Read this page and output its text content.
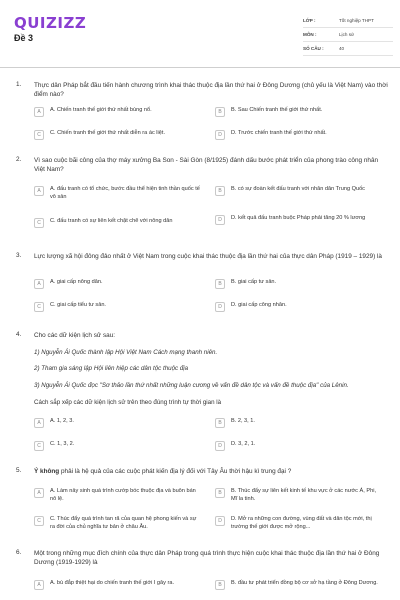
QUIZIZZ
Đề 3
LỚP :	Tốt nghiệp THPT
MÔN :	Lịch sử
SỐ CÂU :	40
1. Thực dân Pháp bắt đầu tiến hành chương trình khai thác thuộc địa lần thứ hai ở Đông Dương (chủ yếu là Việt Nam) vào thời điểm nào?
A	A. Chiến tranh thế giới thứ nhất bùng nổ.	B	B. Sau Chiến tranh thế giới thứ nhất.
C	C. Chiến tranh thế giới thứ nhất diễn ra ác liệt.	D	D. Trước chiến tranh thế giới thứ nhất.
2. Vì sao cuộc bãi công của thợ máy xưởng Ba Son - Sài Gòn (8/1925) đánh dấu bước phát triển của phong trào công nhân Việt Nam?
A	A. đấu tranh có tổ chức, bước đầu thể hiện tinh thần quốc tế vô sản
B	B. có sự đoàn kết đấu tranh với nhân dân Trung Quốc
C	C. đấu tranh có sự liên kết chặt chẽ với nông dân	D	D. kết quả đấu tranh buộc Pháp phải tăng 20 % lương
3. Lực lượng xã hội đông đảo nhất ở Việt Nam trong cuộc khai thác thuộc địa lần thứ hai của thực dân Pháp (1919 – 1929) là
A	A. giai cấp nông dân.	B	B. giai cấp tư sản.
C	C. giai cấp tiểu tư sản.	D	D. giai cấp công nhân.
4. Cho các dữ kiện lịch sử sau:
1) Nguyễn Ái Quốc thành lập Hội Việt Nam Cách mạng thanh niên.
2) Tham gia sáng lập Hội liên hiệp các dân tộc thuộc địa
3) Nguyễn Ái Quốc đọc "Sơ thảo lần thứ nhất những luận cương về vấn đề dân tộc và vấn đề thuộc địa" của Lênin.
Cách sắp xếp các dữ kiện lịch sử trên theo đúng trình tự thời gian là
A	A. 1, 2, 3.	B	B. 2, 3, 1.
C	C. 1, 3, 2.	D	D. 3, 2, 1.
5. Ý không phải là hệ quả của các cuộc phát kiến địa lý đối với Tây Âu thời hậu kì trung đại ?
A	A. Làm nảy sinh quá trình cướp bóc thuộc địa và buôn bán nô lệ.
B	B. Thúc đẩy sự liên kết kinh tế khu vực ở các nước Á, Phi, Mĩ la tinh.
C	C. Thúc đẩy quá trình tan rã của quan hệ phong kiến và sự ra đời của chủ nghĩa tư bản ở châu Âu.
D	D. Mở ra những con đường, vùng đất và dân tộc mới, thị trường thế giới được mở rộng...
6. Một trong những mục đích chính của thực dân Pháp trong quá trình thực hiện cuộc khai thác thuộc địa lần thứ hai ở Đông Dương (1919-1929) là
A	A. bù đắp thiệt hại do chiến tranh thế giới I gây ra.	B	B. đầu tư phát triển đồng bộ cơ sở hạ tầng ở Đông Dương.
